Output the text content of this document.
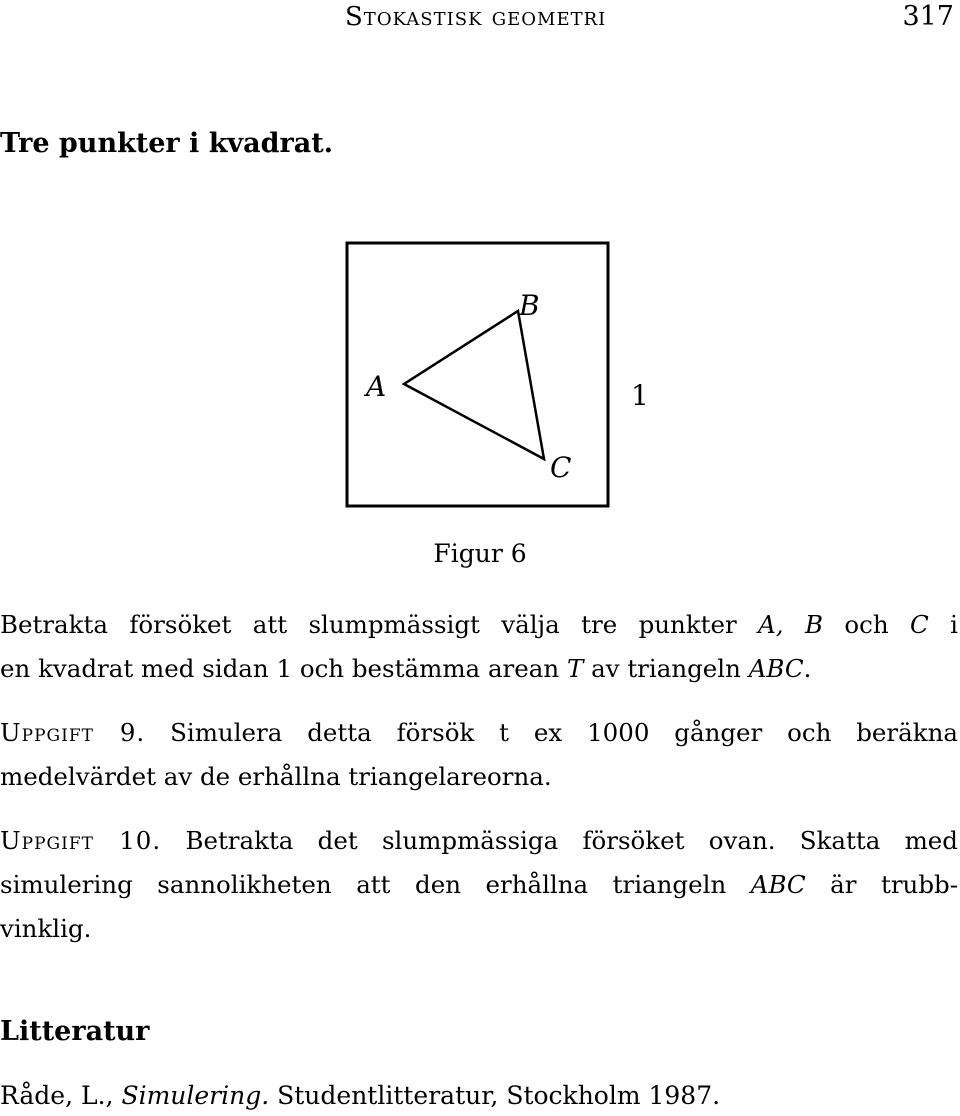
Stokastisk geometri	317
Tre punkter i kvadrat.
A
B
C
1
Figur 6
Betrakta försöket att slumpmässigt välja tre punkter A, B och C i
en kvadrat med sidan 1 och bestämma arean T av triangeln ABC.
Uppgift 9. Simulera detta försök t ex 1000 gånger och beräkna
medelvärdet av de erhållna triangelareorna.
Uppgift 10. Betrakta det slumpmässiga försöket ovan. Skatta med
simulering sannolikheten att den erhållna triangeln ABC är trubb-
vinklig.
Litteratur
Råde, L., Simulering. Studentlitteratur, Stockholm 1987.
